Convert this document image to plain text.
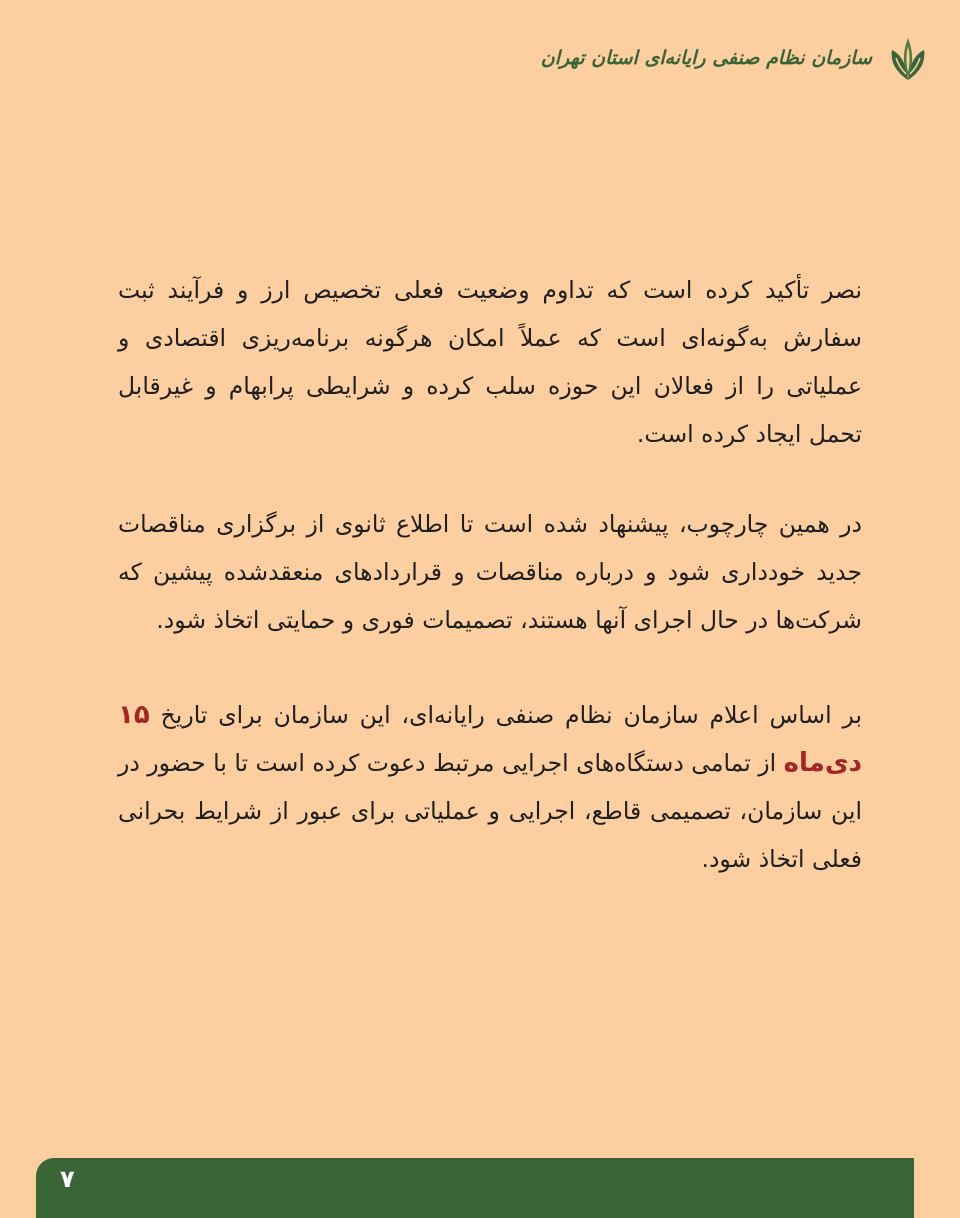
سازمان نظام صنفی رایانه‌ای استان تهران

نصر تأکید کرده است که تداوم وضعیت فعلی تخصیص ارز و فرآیند ثبت سفارش به‌گونه‌ای است که عملاً امکان هرگونه برنامه‌ریزی اقتصادی و عملیاتی را از فعالان این حوزه سلب کرده و شرایطی پرابهام و غیرقابل تحمل ایجاد کرده است.

در همین چارچوب، پیشنهاد شده است تا اطلاع ثانوی از برگزاری مناقصات جدید خودداری شود و درباره مناقصات و قراردادهای منعقدشده پیشین که شرکت‌ها در حال اجرای آنها هستند، تصمیمات فوری و حمایتی اتخاذ شود.

بر اساس اعلام سازمان نظام صنفی رایانه‌ای، این سازمان برای تاریخ ۱۵ دی‌ماه از تمامی دستگاه‌های اجرایی مرتبط دعوت کرده است تا با حضور در این سازمان، تصمیمی قاطع، اجرایی و عملیاتی برای عبور از شرایط بحرانی فعلی اتخاذ شود.

۷
